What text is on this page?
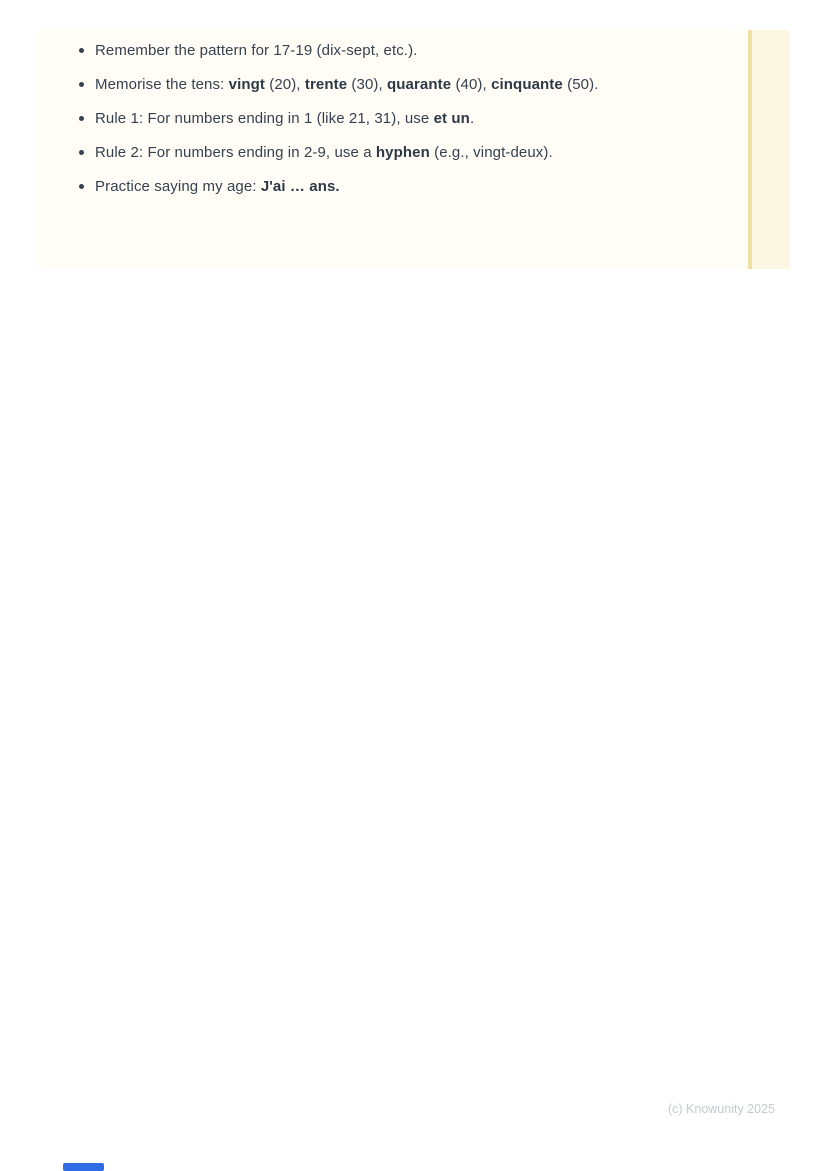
Remember the pattern for 17-19 (dix-sept, etc.).
Memorise the tens: vingt (20), trente (30), quarante (40), cinquante (50).
Rule 1: For numbers ending in 1 (like 21, 31), use et un.
Rule 2: For numbers ending in 2-9, use a hyphen (e.g., vingt-deux).
Practice saying my age: J'ai … ans.
(c) Knowunity 2025
